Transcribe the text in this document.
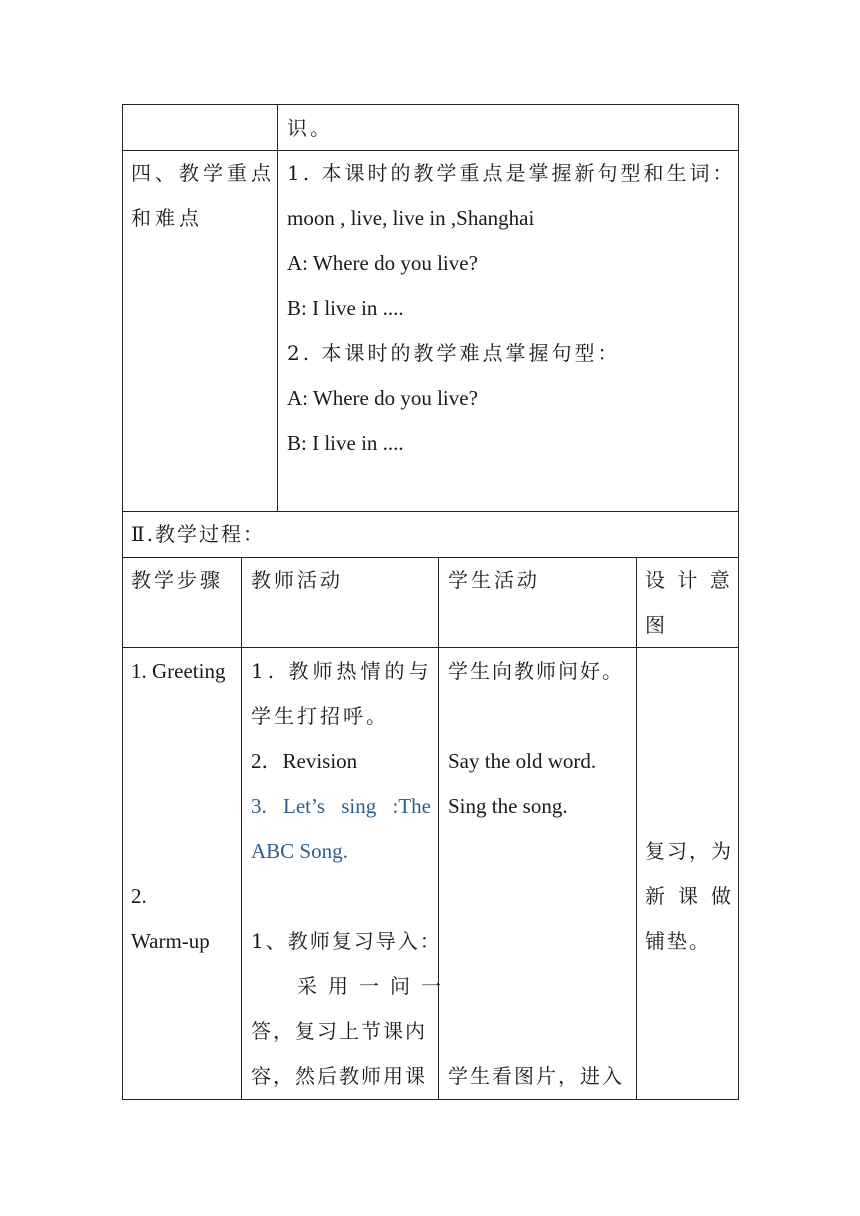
识。
四、教学重点
和难点
1. 本课时的教学重点是掌握新句型和生词：
moon , live, live in ,Shanghai
A: Where do you live?
B: I live in ....
2. 本课时的教学难点掌握句型：
A: Where do you live?
B: I live in ....
Ⅱ.教学过程：
教学步骤 教师活动	学生活动	设 计 意
图
1. Greeting
2.
Warm-up
1. 教师热情的与
学生打招呼。
2．Revision
3. Let’s sing :The
ABC Song.
1、教师复习导入：
采用一问一
答，复习上节课内
容，然后教师用课
学生向教师问好。
Say the old word.
Sing the song.
学生看图片，进入
复习，为
新课做
铺垫。
